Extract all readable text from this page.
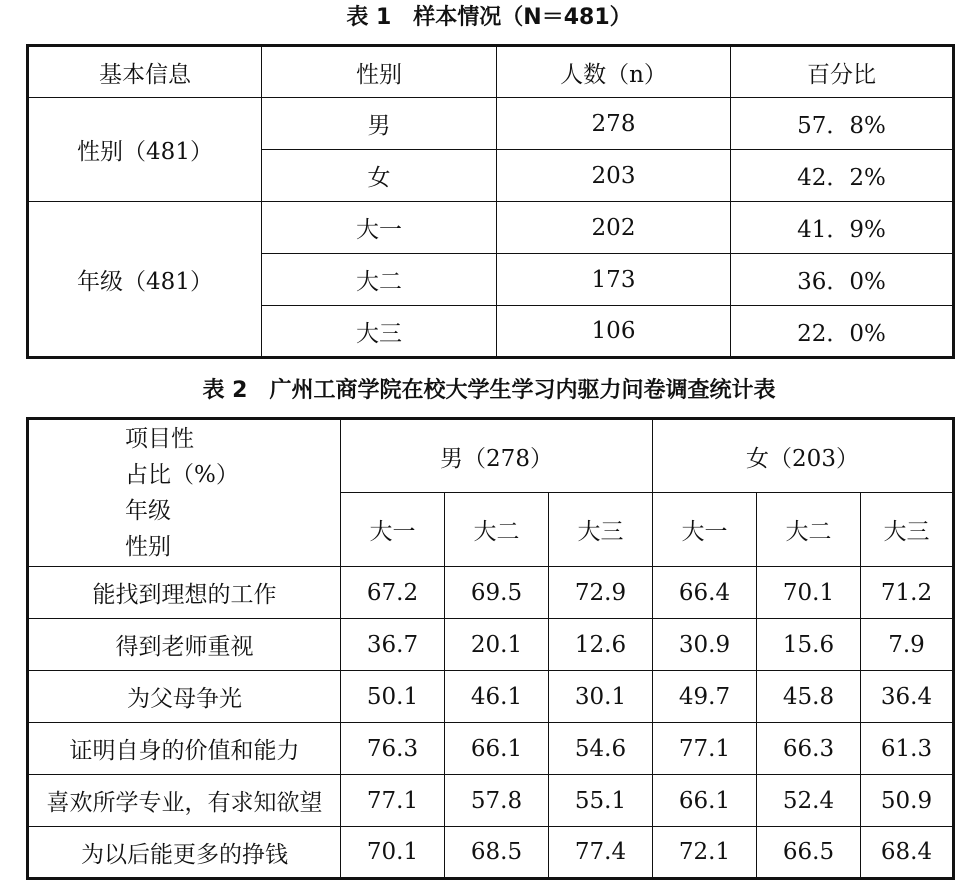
表 1　样本情况（N＝481）
基本信息	性别	人数（n）	百分比
性别（481）	男	278	57．8%
	女	203	42．2%
年级（481）	大一	202	41．9%
	大二	173	36．0%
	大三	106	22．0%
表 2　广州工商学院在校大学生学习内驱力问卷调查统计表
项目性
占比（%）
年级
性别	男（278）			女（203）		
	大一	大二	大三	大一	大二	大三
能找到理想的工作	67.2	69.5	72.9	66.4	70.1	71.2
得到老师重视	36.7	20.1	12.6	30.9	15.6	7.9
为父母争光	50.1	46.1	30.1	49.7	45.8	36.4
证明自身的价值和能力	76.3	66.1	54.6	77.1	66.3	61.3
喜欢所学专业，有求知欲望	77.1	57.8	55.1	66.1	52.4	50.9
为以后能更多的挣钱	70.1	68.5	77.4	72.1	66.5	68.4
